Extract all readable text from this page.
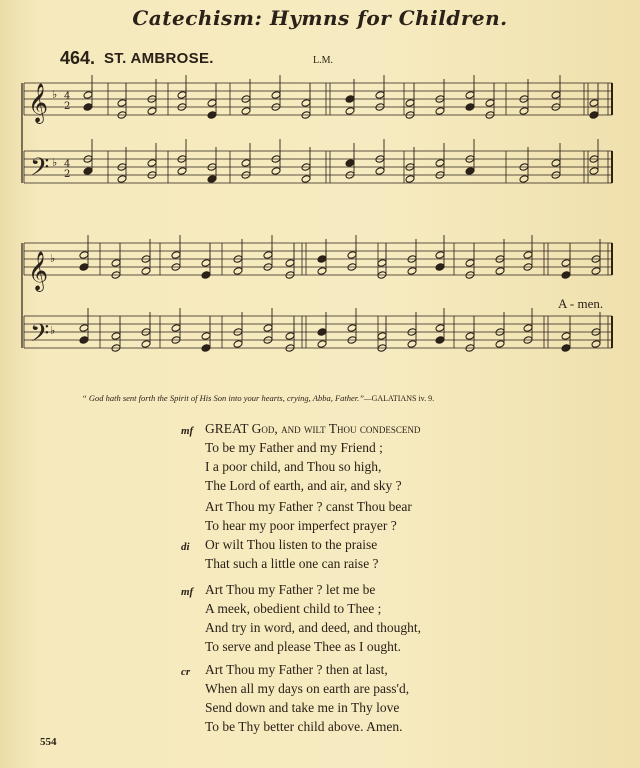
Catechism: Hymns for Children.
464. ST. AMBROSE.	L.M.
𝄞
𝄞
𝄢
𝄢
♭
♭
♭
♭
4
2
4
2
A - men.
“ God hath sent forth the Spirit of His Son into your hearts, crying, Abba, Father.”—GALATIANS iv. 9.
mf GREAT God, and wilt Thou condescend
To be my Father and my Friend ;
I a poor child, and Thou so high,
The Lord of earth, and air, and sky ?
Art Thou my Father ? canst Thou bear
To hear my poor imperfect prayer ?
di Or wilt Thou listen to the praise
That such a little one can raise ?
mf Art Thou my Father ? let me be
A meek, obedient child to Thee ;
And try in word, and deed, and thought,
To serve and please Thee as I ought.
cr Art Thou my Father ? then at last,
When all my days on earth are pass'd,
Send down and take me in Thy love
To be Thy better child above. Amen.
554
